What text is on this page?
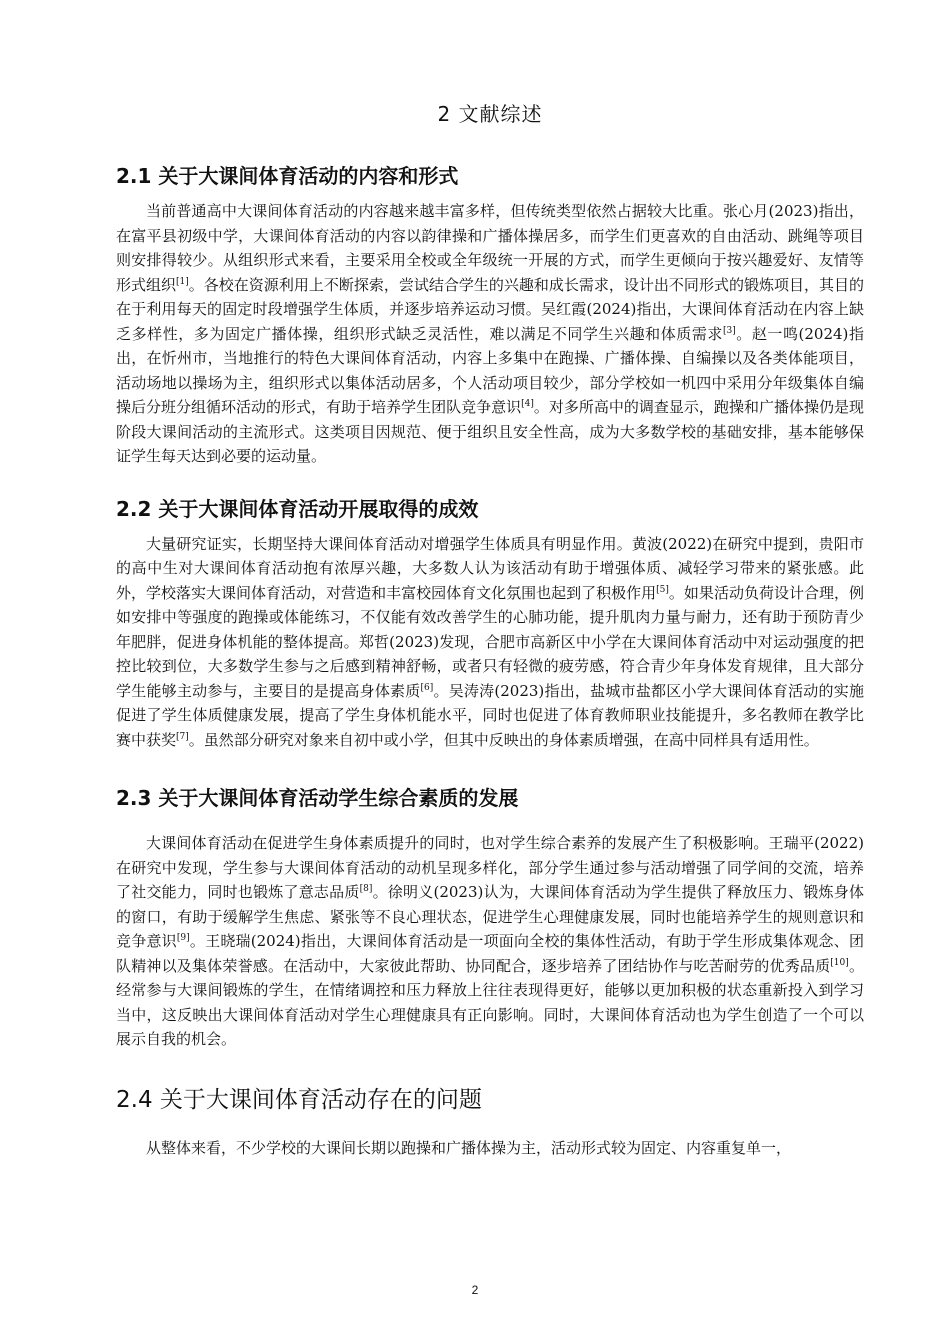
2 文献综述
2.1 关于大课间体育活动的内容和形式

当前普通高中大课间体育活动的内容越来越丰富多样，但传统类型依然占据较大比重。张心月(2023)指出，在富平县初级中学，大课间体育活动的内容以韵律操和广播体操居多，而学生们更喜欢的自由活动、跳绳等项目则安排得较少。从组织形式来看，主要采用全校或全年级统一开展的方式，而学生更倾向于按兴趣爱好、友情等形式组织[1]。各校在资源利用上不断探索，尝试结合学生的兴趣和成长需求，设计出不同形式的锻炼项目，其目的在于利用每天的固定时段增强学生体质，并逐步培养运动习惯。吴红霞(2024)指出，大课间体育活动在内容上缺乏多样性，多为固定广播体操，组织形式缺乏灵活性，难以满足不同学生兴趣和体质需求[3]。赵一鸣(2024)指出，在忻州市，当地推行的特色大课间体育活动，内容上多集中在跑操、广播体操、自编操以及各类体能项目，活动场地以操场为主，组织形式以集体活动居多，个人活动项目较少，部分学校如一机四中采用分年级集体自编操后分班分组循环活动的形式，有助于培养学生团队竞争意识[4]。对多所高中的调查显示，跑操和广播体操仍是现阶段大课间活动的主流形式。这类项目因规范、便于组织且安全性高，成为大多数学校的基础安排，基本能够保证学生每天达到必要的运动量。

2.2 关于大课间体育活动开展取得的成效

大量研究证实，长期坚持大课间体育活动对增强学生体质具有明显作用。黄波(2022)在研究中提到，贵阳市的高中生对大课间体育活动抱有浓厚兴趣，大多数人认为该活动有助于增强体质、减轻学习带来的紧张感。此外，学校落实大课间体育活动，对营造和丰富校园体育文化氛围也起到了积极作用[5]。如果活动负荷设计合理，例如安排中等强度的跑操或体能练习，不仅能有效改善学生的心肺功能，提升肌肉力量与耐力，还有助于预防青少年肥胖，促进身体机能的整体提高。郑哲(2023)发现，合肥市高新区中小学在大课间体育活动中对运动强度的把控比较到位，大多数学生参与之后感到精神舒畅，或者只有轻微的疲劳感，符合青少年身体发育规律，且大部分学生能够主动参与，主要目的是提高身体素质[6]。吴涛涛(2023)指出，盐城市盐都区小学大课间体育活动的实施促进了学生体质健康发展，提高了学生身体机能水平，同时也促进了体育教师职业技能提升，多名教师在教学比赛中获奖[7]。虽然部分研究对象来自初中或小学，但其中反映出的身体素质增强，在高中同样具有适用性。

2.3 关于大课间体育活动学生综合素质的发展

大课间体育活动在促进学生身体素质提升的同时，也对学生综合素养的发展产生了积极影响。王瑞平(2022)在研究中发现，学生参与大课间体育活动的动机呈现多样化，部分学生通过参与活动增强了同学间的交流，培养了社交能力，同时也锻炼了意志品质[8]。徐明义(2023)认为，大课间体育活动为学生提供了释放压力、锻炼身体的窗口，有助于缓解学生焦虑、紧张等不良心理状态，促进学生心理健康发展，同时也能培养学生的规则意识和竞争意识[9]。王晓瑞(2024)指出，大课间体育活动是一项面向全校的集体性活动，有助于学生形成集体观念、团队精神以及集体荣誉感。在活动中，大家彼此帮助、协同配合，逐步培养了团结协作与吃苦耐劳的优秀品质[10]。经常参与大课间锻炼的学生，在情绪调控和压力释放上往往表现得更好，能够以更加积极的状态重新投入到学习当中，这反映出大课间体育活动对学生心理健康具有正向影响。同时，大课间体育活动也为学生创造了一个可以展示自我的机会。

2.4 关于大课间体育活动存在的问题

从整体来看，不少学校的大课间长期以跑操和广播体操为主，活动形式较为固定、内容重复单一，

2
